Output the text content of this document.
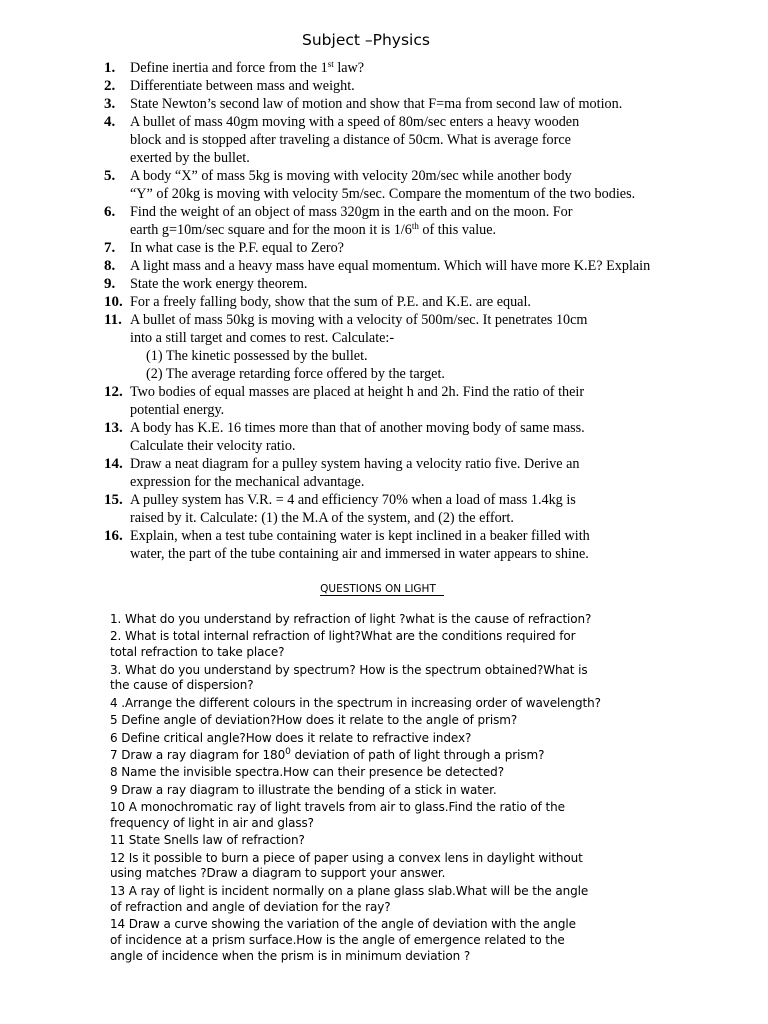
Subject –Physics
1.	Define inertia and force from the 1st law?
2.	Differentiate between mass and weight.
3.	State Newton’s second law of motion and show that F=ma from second law of motion.
4.	A bullet of mass 40gm moving with a speed of 80m/sec enters a heavy wooden
block and is stopped after traveling a distance of 50cm. What is average force
exerted by the bullet.
5.	A body “X” of mass 5kg is moving with velocity 20m/sec while another body
“Y” of 20kg is moving with velocity 5m/sec. Compare the momentum of the two bodies.
6.	Find the weight of an object of mass 320gm in the earth and on the moon. For
earth g=10m/sec square and for the moon it is 1/6th of this value.
7.	In what case is the P.F. equal to Zero?
8.	A light mass and a heavy mass have equal momentum. Which will have more K.E? Explain
9.	State the work energy theorem.
10. For a freely falling body, show that the sum of P.E. and K.E. are equal.
11. A bullet of mass 50kg is moving with a velocity of 500m/sec. It penetrates 10cm
into a still target and comes to rest. Calculate:-
(1) The kinetic possessed by the bullet.
(2) The average retarding force offered by the target.
12. Two bodies of equal masses are placed at height h and 2h. Find the ratio of their
potential energy.
13. A body has K.E. 16 times more than that of another moving body of same mass.
Calculate their velocity ratio.
14. Draw a neat diagram for a pulley system having a velocity ratio five. Derive an
expression for the mechanical advantage.
15. A pulley system has V.R. = 4 and efficiency 70% when a load of mass 1.4kg is
raised by it. Calculate: (1) the M.A of the system, and (2) the effort.
16. Explain, when a test tube containing water is kept inclined in a beaker filled with
water, the part of the tube containing air and immersed in water appears to shine.
QUESTIONS ON LIGHT
1. What do you understand by refraction of light ?what is the cause of refraction?
2. What is total internal refraction of light?What are the conditions required for
total refraction to take place?
3. What do you understand by spectrum? How is the spectrum obtained?What is
the cause of dispersion?
4 .Arrange the different colours in the spectrum in increasing order of wavelength?
5 Define angle of deviation?How does it relate to the angle of prism?
6 Define critical angle?How does it relate to refractive index?
7 Draw a ray diagram for $180^0$ deviation of path of light through a prism?
8 Name the invisible spectra.How can their presence be detected?
9 Draw a ray diagram to illustrate the bending of a stick in water.
10 A monochromatic ray of light travels from air to glass.Find the ratio of the
frequency of light in air and glass?
11 State Snells law of refraction?
12 Is it possible to burn a piece of paper using a convex lens in daylight without
using matches ?Draw a diagram to support your answer.
13 A ray of light is incident normally on a plane glass slab.What will be the angle
of refraction and angle of deviation for the ray?
14 Draw a curve showing the variation of the angle of deviation with the angle
of incidence at a prism surface.How is the angle of emergence related to the
angle of incidence when the prism is in minimum deviation ?
